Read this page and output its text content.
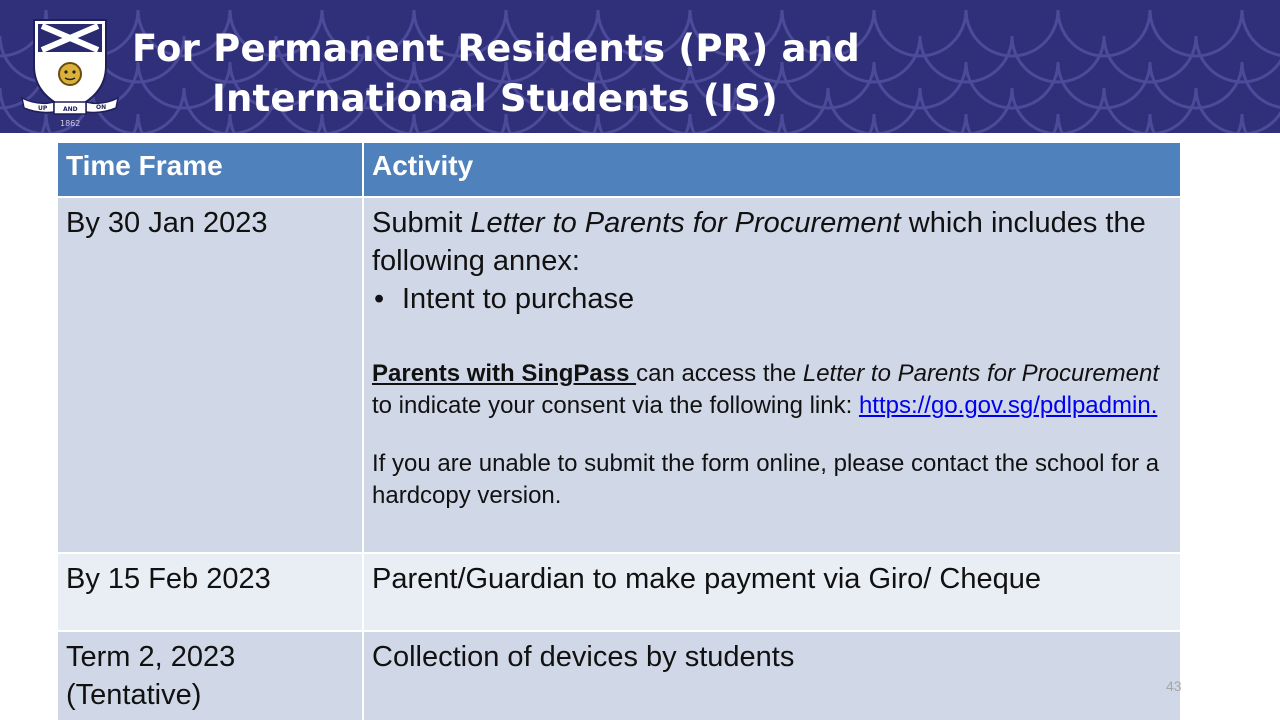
UP	AND	ON
1862
For Permanent Residents (PR) and
International Students (IS)
Time Frame	Activity
By 30 Jan 2023	Submit Letter to Parents for Procurement which includes the following annex:
• Intent to purchase
Parents with SingPass can access the Letter to Parents for Procurement to indicate your consent via the following link: https://go.gov.sg/pdlpadmin.
If you are unable to submit the form online, please contact the school for a hardcopy version.

By 15 Feb 2023	Parent/Guardian to make payment via Giro/ Cheque

Term 2, 2023
(Tentative)	Collection of devices by students
43
